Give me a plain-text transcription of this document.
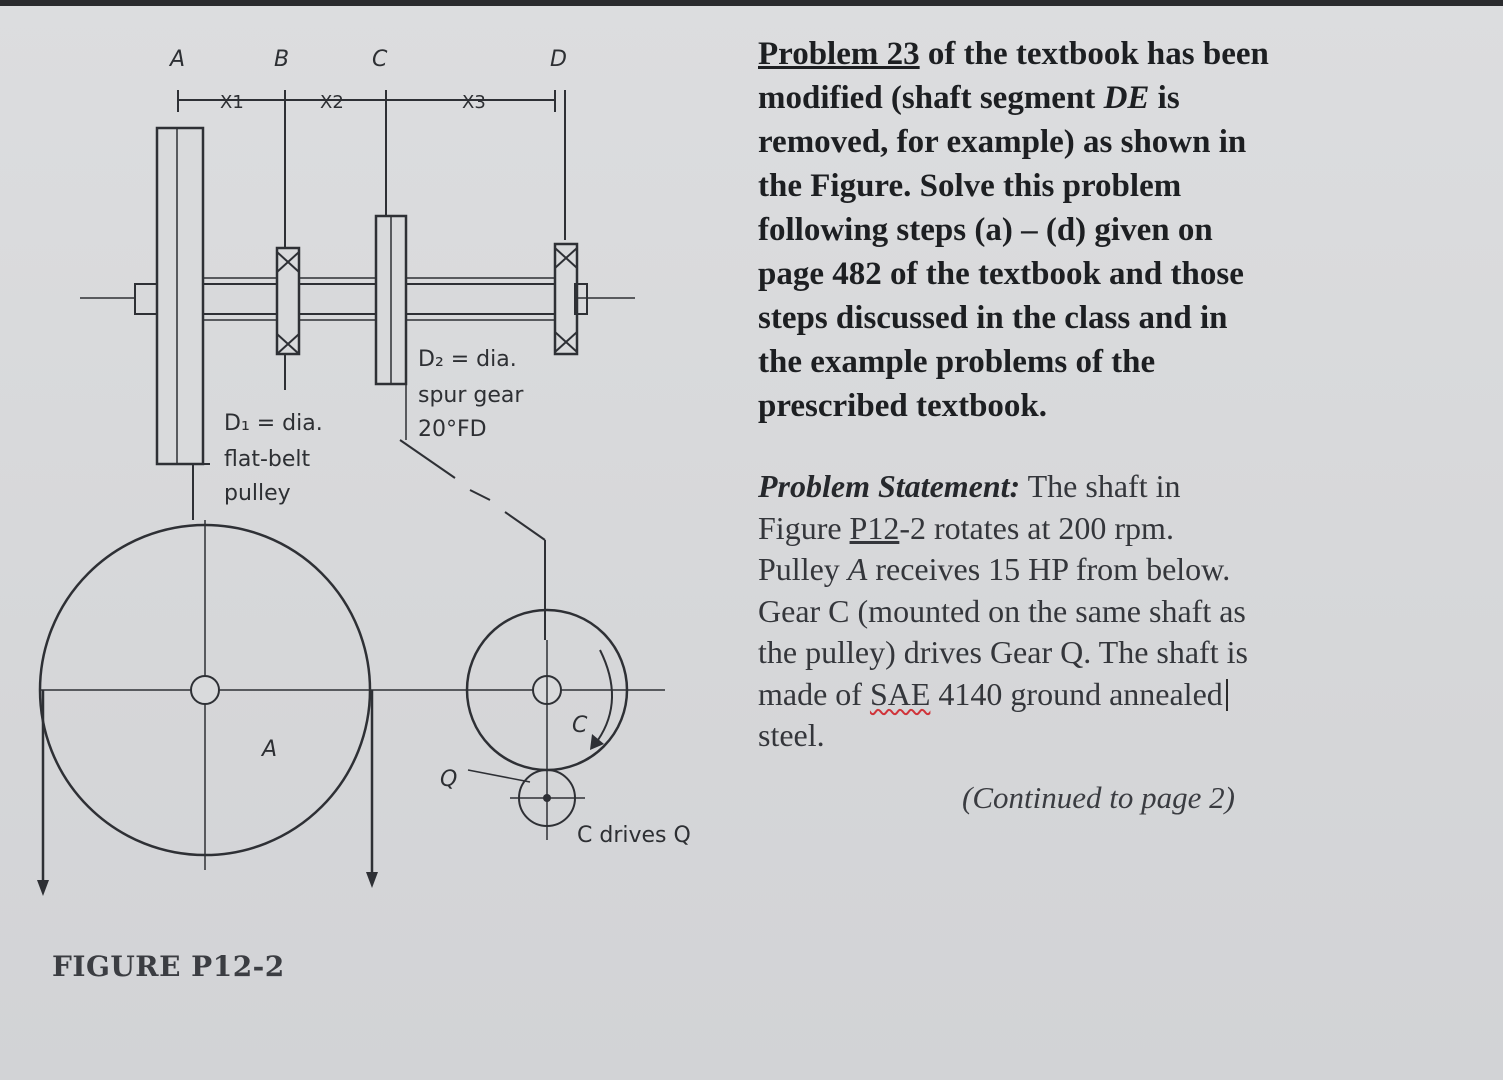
A	B	C	D
X1	X2	X3
D₁ = dia.
flat-belt
pulley
D₂ = dia.
spur gear
20°FD
A
C
Q
C drives Q
FIGURE P12-2
Problem 23 of the textbook has been
modified (shaft segment DE is
removed, for example) as shown in
the Figure. Solve this problem
following steps (a) – (d) given on
page 482 of the textbook and those
steps discussed in the class and in
the example problems of the
prescribed textbook.
Problem Statement: The shaft in
Figure P12-2 rotates at 200 rpm.
Pulley A receives 15 HP from below.
Gear C (mounted on the same shaft as
the pulley) drives Gear Q. The shaft is
made of SAE 4140 ground annealed
steel.
(Continued to page 2)
